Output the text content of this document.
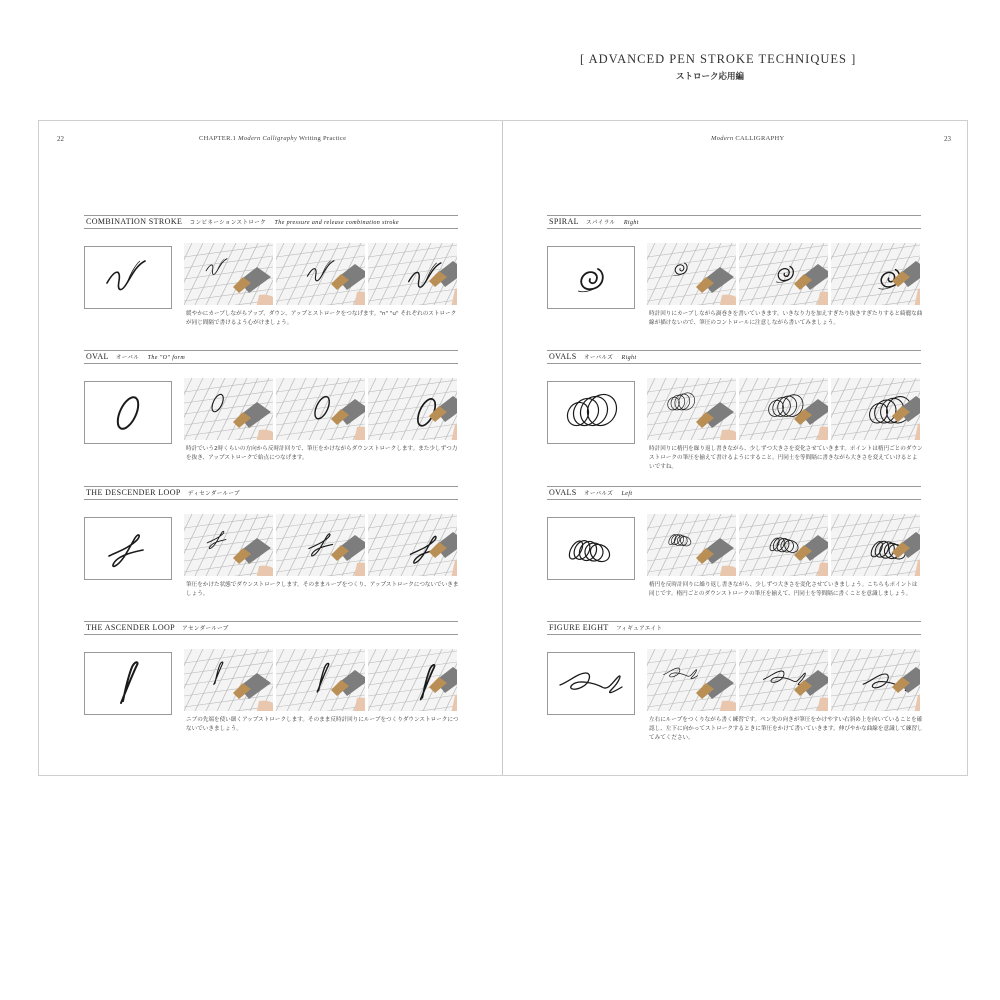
22	CHAPTER.1 Modern Calligraphy Writing Practice	Modern CALLIGRAPHY	23
[ ADVANCED PEN STROKE TECHNIQUES ]
ストローク応用編
COMBINATION STROKE コンビネーションストローク The pressure and release combination stroke
緩やかにカーブしながらアップ、ダウン、アップとストロークをつなげます。"n" "u" それぞれのストロークが同じ間隔で書けるよう心がけましょう。
OVAL オーバル The "O" form
時計でいう2時くらいの方向から反時計回りで、筆圧をかけながらダウンストロークします。また少しずつ力を抜き、アップストロークで始点につなげます。
THE DESCENDER LOOP ディセンダーループ
筆圧をかけた状態でダウンストロークします。そのままループをつくり、アップストロークにつないでいきましょう。
THE ASCENDER LOOP アセンダーループ
ニブの先端を使い細くアップストロークします。そのまま反時計回りにループをつくりダウンストロークにつないでいきましょう。
SPIRAL スパイラル Right
時計回りにカーブしながら渦巻きを書いていきます。いきなり力を加えすぎたり抜きすぎたりすると綺麗な曲線が描けないので、筆圧のコントロールに注意しながら書いてみましょう。
OVALS オーバルズ Right
時計回りに楕円を繰り返し書きながら、少しずつ大きさを変化させていきます。ポイントは楕円ごとのダウンストロークの筆圧を揃えて書けるようにすること。円同士を等間隔に書きながら大きさを変えていけるとよいですね。
OVALS オーバルズ Left
楕円を反時計回りに繰り返し書きながら、少しずつ大きさを変化させていきましょう。こちらもポイントは同じです。楕円ごとのダウンストロークの筆圧を揃えて、円同士を等間隔に書くことを意識しましょう。
FIGURE EIGHT フィギュアエイト
左右にループをつくりながら書く練習です。ペン先の向きが筆圧をかけやすい右斜め上を向いていることを確認し、左下に向かってストロークするときに筆圧をかけて書いていきます。伸びやかな曲線を意識して練習してみてください。
